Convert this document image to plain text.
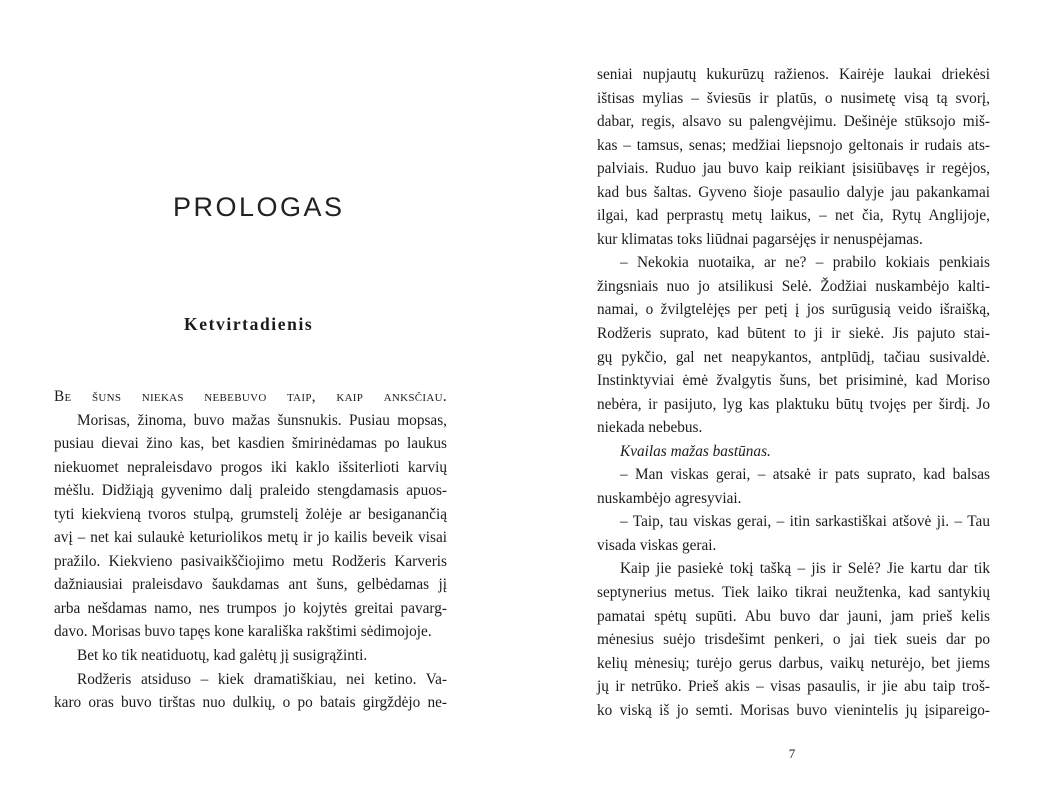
PROLOGAS
Ketvirtadienis
Be šuns niekas nebebuvo taip, kaip anksčiau.
Morisas, žinoma, buvo mažas šunsnukis. Pusiau mopsas,
pusiau dievai žino kas, bet kasdien šmirinėdamas po laukus
niekuomet nepraleisdavo progos iki kaklo išsiterlioti karvių
mėšlu. Didžiąją gyvenimo dalį praleido stengdamasis apuos-
tyti kiekvieną tvoros stulpą, grumstelį žolėje ar besiganančią
avį – net kai sulaukė keturiolikos metų ir jo kailis beveik visai
pražilo. Kiekvieno pasivaikščiojimo metu Rodžeris Karveris
dažniausiai praleisdavo šaukdamas ant šuns, gelbėdamas jį
arba nešdamas namo, nes trumpos jo kojytės greitai pavarg-
davo. Morisas buvo tapęs kone karališka rakštimi sėdimojoje.
Bet ko tik neatiduotų, kad galėtų jį susigrąžinti.
Rodžeris atsiduso – kiek dramatiškiau, nei ketino. Va-
karo oras buvo tirštas nuo dulkių, o po batais girgždėjo ne-
seniai nupjautų kukurūzų ražienos. Kairėje laukai driekėsi
ištisas mylias – šviesūs ir platūs, o nusimetę visą tą svorį,
dabar, regis, alsavo su palengvėjimu. Dešinėje stūksojo miš-
kas – tamsus, senas; medžiai liepsnojo geltonais ir rudais ats-
palviais. Ruduo jau buvo kaip reikiant įsisiūbavęs ir regėjos,
kad bus šaltas. Gyveno šioje pasaulio dalyje jau pakankamai
ilgai, kad perprastų metų laikus, – net čia, Rytų Anglijoje,
kur klimatas toks liūdnai pagarsėjęs ir nenuspėjamas.
– Nekokia nuotaika, ar ne? – prabilo kokiais penkiais
žingsniais nuo jo atsilikusi Selė. Žodžiai nuskambėjo kalti-
namai, o žvilgtelėjęs per petį į jos surūgusią veido išraišką,
Rodžeris suprato, kad būtent to ji ir siekė. Jis pajuto stai-
gų pykčio, gal net neapykantos, antplūdį, tačiau susivaldė.
Instinktyviai ėmė žvalgytis šuns, bet prisiminė, kad Moriso
nebėra, ir pasijuto, lyg kas plaktuku būtų tvojęs per širdį. Jo
niekada nebebus.
Kvailas mažas bastūnas.
– Man viskas gerai, – atsakė ir pats suprato, kad balsas
nuskambėjo agresyviai.
– Taip, tau viskas gerai, – itin sarkastiškai atšovė ji. – Tau
visada viskas gerai.
Kaip jie pasiekė tokį tašką – jis ir Selė? Jie kartu dar tik
septynerius metus. Tiek laiko tikrai neužtenka, kad santykių
pamatai spėtų supūti. Abu buvo dar jauni, jam prieš kelis
mėnesius suėjo trisdešimt penkeri, o jai tiek sueis dar po
kelių mėnesių; turėjo gerus darbus, vaikų neturėjo, bet jiems
jų ir netrūko. Prieš akis – visas pasaulis, ir jie abu taip troš-
ko viską iš jo semti. Morisas buvo vienintelis jų įsipareigo-
7
